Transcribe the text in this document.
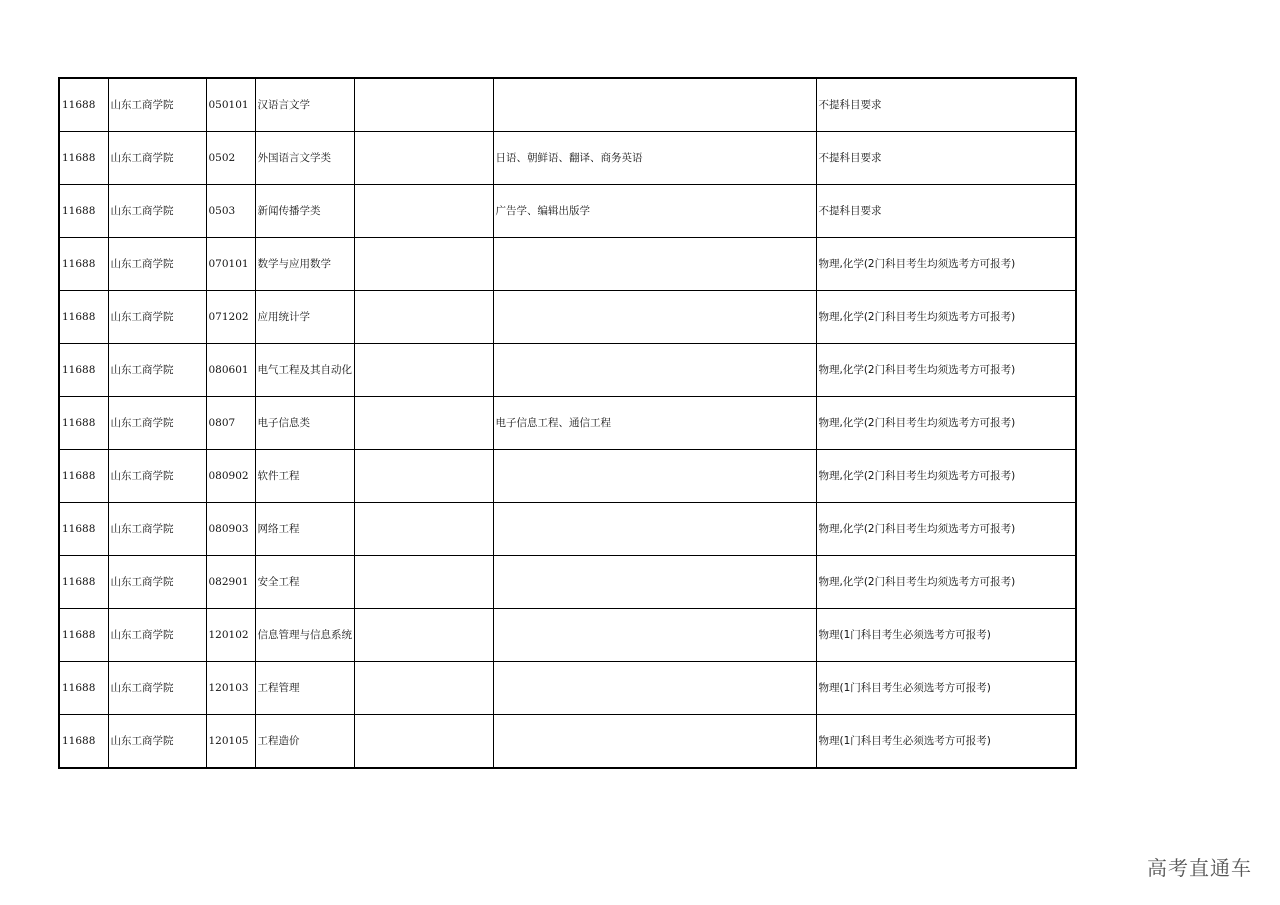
11688	山东工商学院	050101	汉语言文学			不提科目要求
11688	山东工商学院	0502	外国语言文学类		日语、朝鲜语、翻译、商务英语	不提科目要求
11688	山东工商学院	0503	新闻传播学类		广告学、编辑出版学	不提科目要求
11688	山东工商学院	070101	数学与应用数学			物理,化学(2门科目考生均须选考方可报考)
11688	山东工商学院	071202	应用统计学			物理,化学(2门科目考生均须选考方可报考)
11688	山东工商学院	080601	电气工程及其自动化			物理,化学(2门科目考生均须选考方可报考)
11688	山东工商学院	0807	电子信息类		电子信息工程、通信工程	物理,化学(2门科目考生均须选考方可报考)
11688	山东工商学院	080902	软件工程			物理,化学(2门科目考生均须选考方可报考)
11688	山东工商学院	080903	网络工程			物理,化学(2门科目考生均须选考方可报考)
11688	山东工商学院	082901	安全工程			物理,化学(2门科目考生均须选考方可报考)
11688	山东工商学院	120102	信息管理与信息系统			物理(1门科目考生必须选考方可报考)
11688	山东工商学院	120103	工程管理			物理(1门科目考生必须选考方可报考)
11688	山东工商学院	120105	工程造价			物理(1门科目考生必须选考方可报考)
高考直通车
